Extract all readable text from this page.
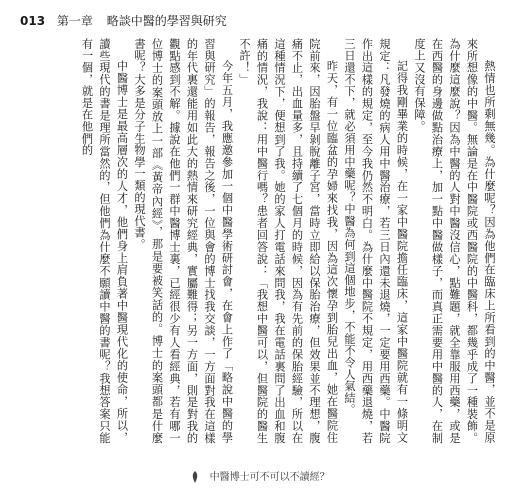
013 第一章 略談中醫的學習與研究

熱情也所剩無幾。為什麼呢？因為他們在臨床上所看到的中醫，並不是原來所想像的中醫。無論是在中醫院或西醫院的中醫科，都幾乎成了一種裝飾。為什麼這麼說？因為中醫的人對中醫沒信心，點難題，就全靠服用西藥，或是在西醫的身邊做點治療上，加一點中醫做樣子，而真正需要用中醫的人，在制度上又沒有保障。

記得我剛畢業的時候，在一家中醫院擔任臨床，這家中醫院就有一條明文規定：凡發燒的病人用中醫治療，若三日內還未退燒，一定要用西藥。中醫院作出這樣的規定，至今我仍然不明白。為什麼中醫院不規定，用西藥退燒，若三日還不下，就必須用中藥呢？中醫為何到這個地步，不能不令人氣結。

昨天，有一位臨盆的孕婦來找我，因為這次懷孕到胎兒出血，她在醫院住院前來，因胎盤早剝脫離子宮，當時立即給以保胎治療，但效果並不理想，腹痛不止，出血量多，且持續了七個月的時候，因為有先前的保胎經驗，所以在這種情況下，便想到了我。她的家人打電話來問我，我在電話裏問了出血和腹痛的情況，我說：用中醫行嗎？患者回答說：「我想中醫可以，但醫院的醫生不許！」

今年五月，我應邀參加一個中醫學術研討會，在會上作了「略說中醫的學習與研究」的報告，報告之後，一位與會的博士找我交談，一方面對我在這樣的年代裏還能用如此大的熱情來研究經典，實屬難得；另一方面，則是對我的觀點感到不解。據說在他們一群中醫博士裏，已經很少有人看經典，若有哪一位博士的案頭放上一部《黃帝內經》，那是要被笑話的。博士的案頭都是什麼書呢？大多是分子生物學一類的現代書。

中醫博士是最高層次的人才，他們身上肩負著中醫現代化的使命，所以，讀些現代的書是理所當然的，但他們為什麼不願讀中醫的書呢？我想答案只能有一個，就是在他們的

中醫博士可不可以不讀經？
